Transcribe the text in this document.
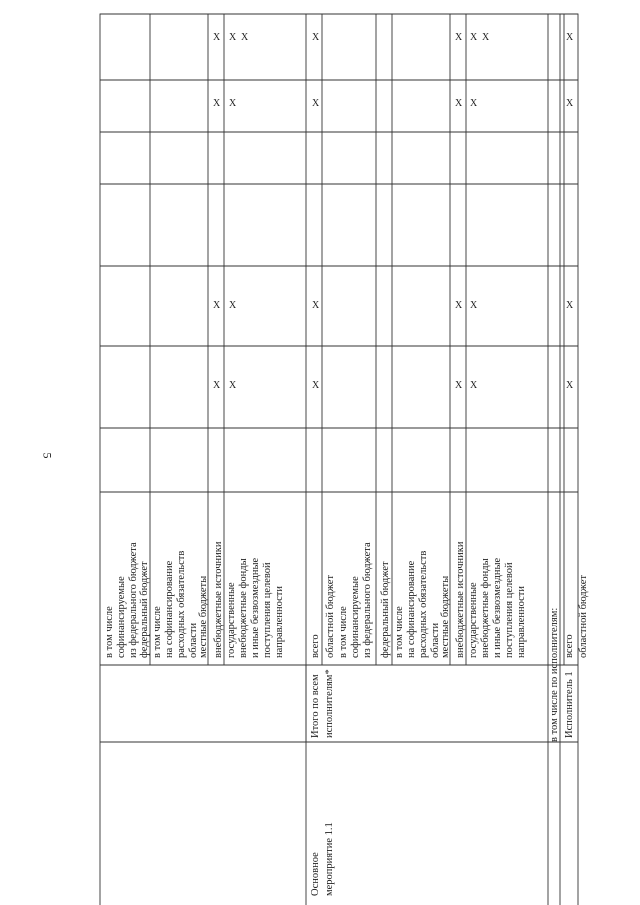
5
Основное мероприятие 1.1
Итого по всем исполнителям*	в том числе по исполнителям: Исполнитель 1
в том числе софинансируемые из федерального бюджета федеральный бюджет в том числе на софинансирование расходных обязательств области местные бюджеты внебюджетные источники государственные внебюджетные фонды и иные безвозмездные поступления целевой направленности всего областной бюджет в том числе софинансируемые из федерального бюджета федеральный бюджет в том числе на софинансирование расходных обязательств области местные бюджеты внебюджетные источники государственные внебюджетные фонды и иные безвозмездные поступления целевой направленности	всего областной бюджет
X X X
X X
X X
X X
X
X
X
X
X X X
X X
X X
X X
X
X
X
X
